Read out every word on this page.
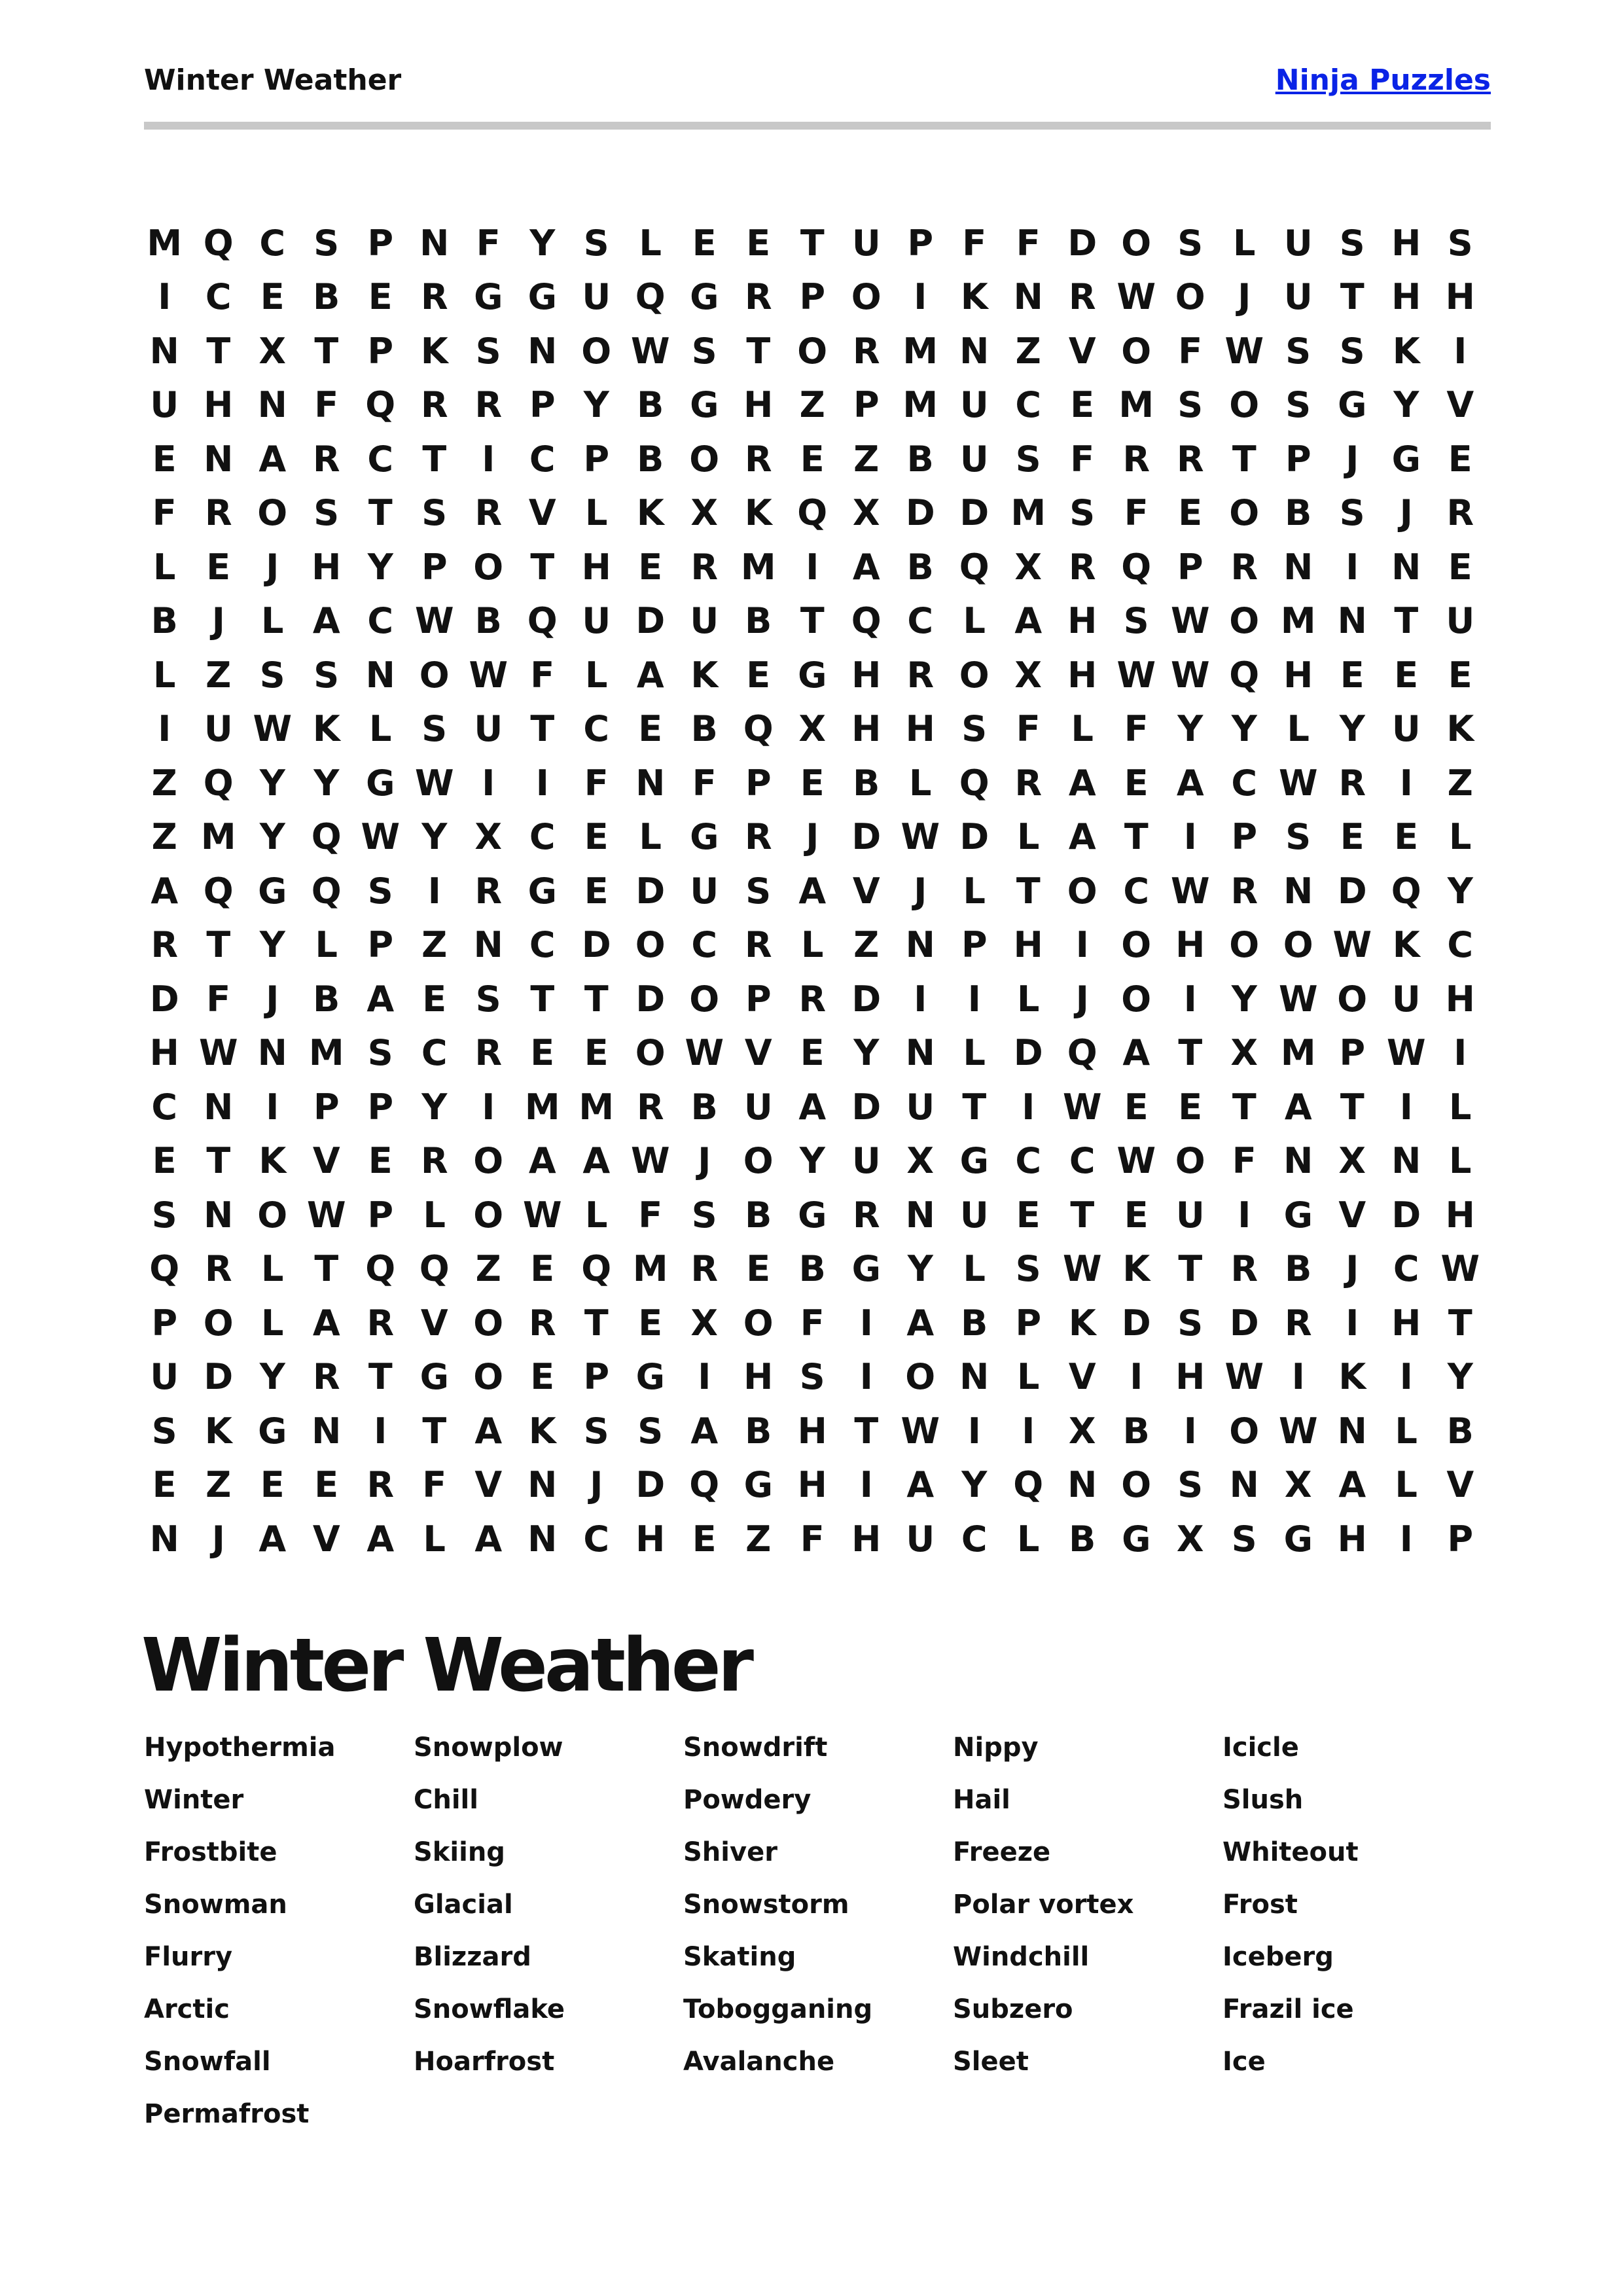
Winter Weather	Ninja Puzzles
M Q C S P N F Y S L E E T U P F F D O S L U S H S
I C E B E R G G U Q G R P O I K N R W O J U T H H
N T X T P K S N O W S T O R M N Z V O F W S S K I
U H N F Q R R P Y B G H Z P M U C E M S O S G Y V
E N A R C T	I C P B O R E Z B U S F R R T P J G E
F R O S T S R V L K X K Q X D D M S F E O B S J R
L E	J H Y P O T H E R M I A B Q X R Q P R N I N E
B J	L A C W B Q U D U B T Q C L A H S W O M N T U
L Z S S N O W F L A K E G H R O X H W W Q H E E E
I U W K L S U T C E B Q X H H S F L F Y Y L Y U K
Z Q Y Y G W I	I	F N F P E B L Q R A E A C W R I Z
Z M Y Q W Y X C E L G R J D W D L A T	I P S E E L
A Q G Q S I R G E D U S A V J	L T O C W R N D Q Y
R T Y L P Z N C D O C R L Z N P H I O H O O W K C
D F	J B A E S T T D O P R D I	I	L	J O I Y W O U H
H W N M S C R E E O W V E Y N L D Q A T X M P W I
C N I P P Y I M M R B U A D U T	I W E E T A T	I	L
E T K V E R O A A W J O Y U X G C C W O F N X N L
S N O W P L O W L F S B G R N U E T E U I G V D H
Q R L T Q Q Z E Q M R E B G Y L S W K T R B J C W
P O L A R V O R T E X O F	I A B P K D S D R I H T
U D Y R T G O E P G I H S I O N L V I H W I K I Y
S K G N I	T A K S S A B H T W I	I X B I O W N L B
E Z E E R F V N J D Q G H I A Y Q N O S N X A L V
N J A V A L A N C H E Z F H U C L B G X S G H I P
Winter Weather
Hypothermia	Snowplow	Snowdrift	Nippy	Icicle
Winter	Chill	Powdery	Hail	Slush
Frostbite	Skiing	Shiver	Freeze	Whiteout
Snowman	Glacial	Snowstorm	Polar vortex	Frost
Flurry	Blizzard	Skating	Windchill	Iceberg
Arctic	Snowflake	Tobogganing	Subzero	Frazil ice
Snowfall	Hoarfrost	Avalanche	Sleet	Ice
Permafrost
